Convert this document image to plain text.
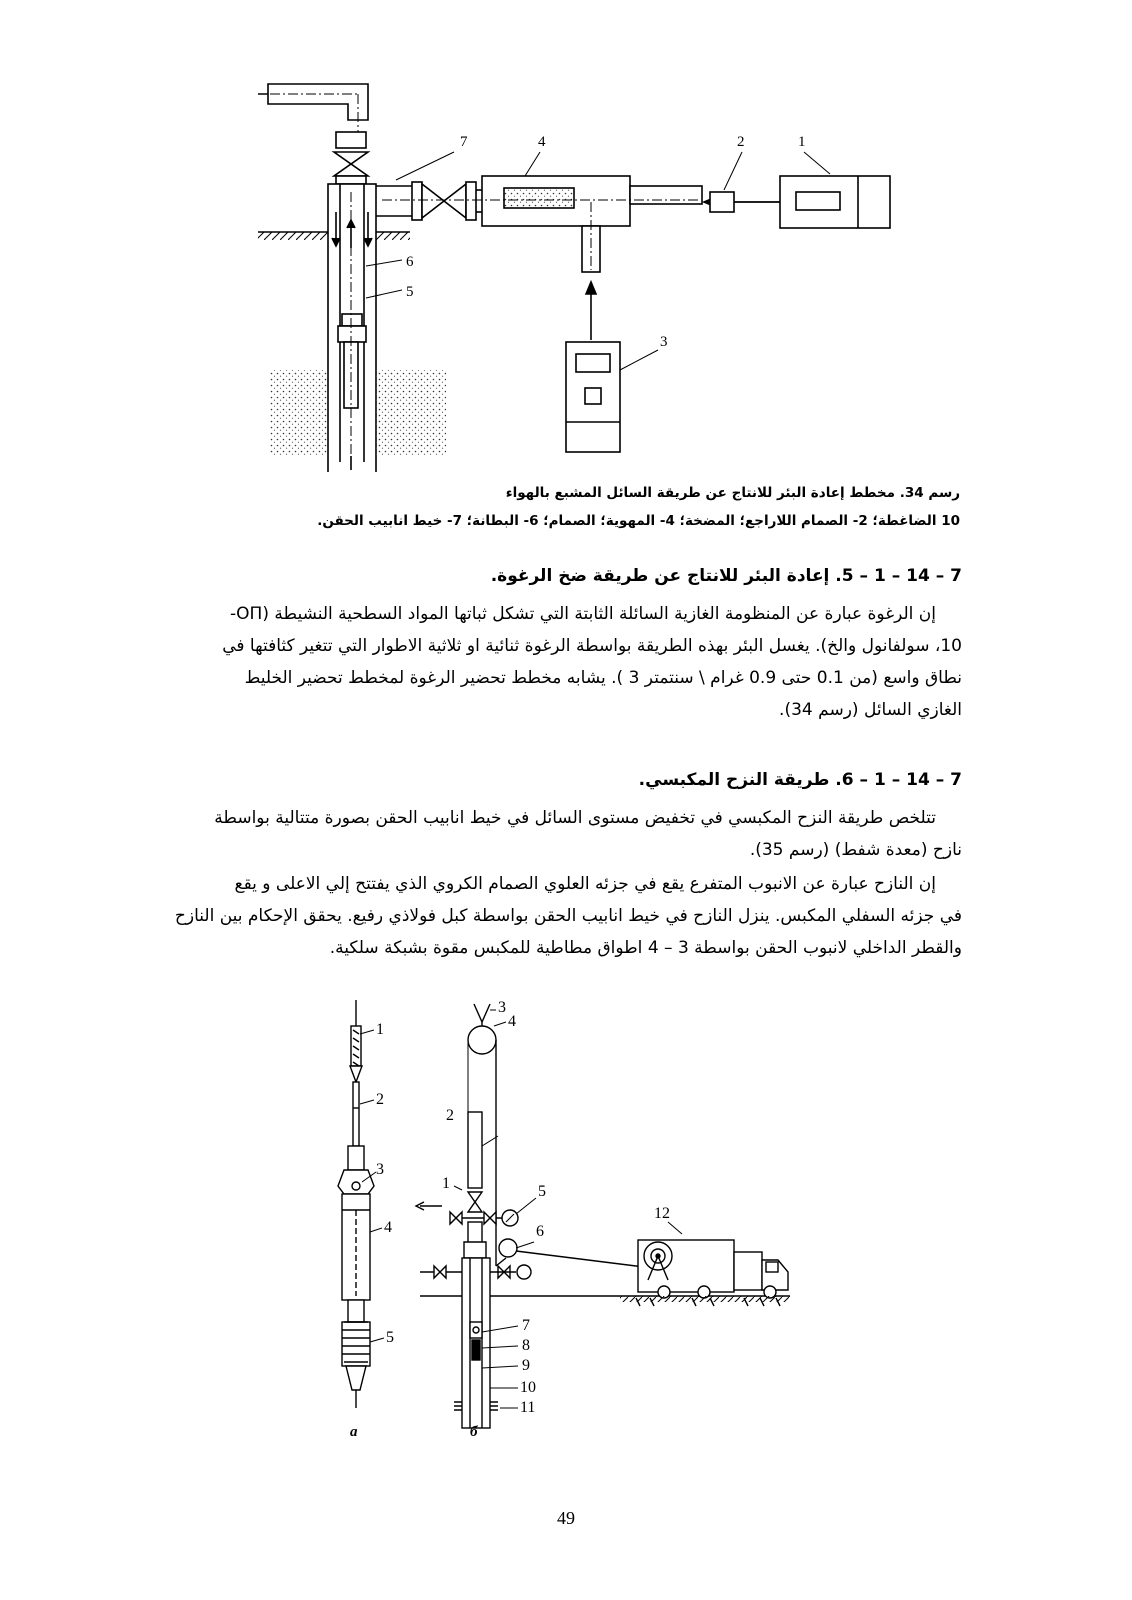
7	4	2	1
3
6
5
رسم 34. مخطط إعادة البئر للانتاج عن طريقة السائل المشبع بالهواء
10 الضاغطة؛ 2- الصمام اللاراجع؛ المضخة؛ 4- المهوية؛ الصمام؛ 6- البطانة؛ 7- خيط انابيب الحقن.
7 – 14 – 1 – 5. إعادة البئر للانتاج عن طريقة ضخ الرغوة.
إن الرغوة عبارة عن المنظومة الغازية السائلة الثابتة التي تشكل ثباتها المواد السطحية النشيطة (ОП-
10، سولفانول والخ). يغسل البئر بهذه الطريقة بواسطة الرغوة ثنائية او ثلاثية الاطوار التي تتغير كثافتها في
نطاق واسع (من 0.1 حتى 0.9 غرام \ سنتمتر 3 ). يشابه مخطط تحضير الرغوة لمخطط تحضير الخليط
الغازي السائل (رسم 34).
7 – 14 – 1 – 6. طريقة النزح المكبسي.
تتلخص طريقة النزح المكبسي في تخفيض مستوى السائل في خيط انابيب الحقن بصورة متتالية بواسطة
نازح (معدة شفط) (رسم 35).
إن النازح عبارة عن الانبوب المتفرع يقع في جزئه العلوي الصمام الكروي الذي يفتتح إلي الاعلى و يقع
في جزئه السفلي المكبس. ينزل النازح في خيط انابيب الحقن بواسطة كبل فولاذي رفيع. يحقق الإحكام بين النازح
والقطر الداخلي لانبوب الحقن بواسطة 3 – 4 اطواق مطاطية للمكبس مقوة بشبكة سلكية.
1
2
3
4
5
3
4
2
1	5
6
12
7
8
9
10
11
a	б
49
